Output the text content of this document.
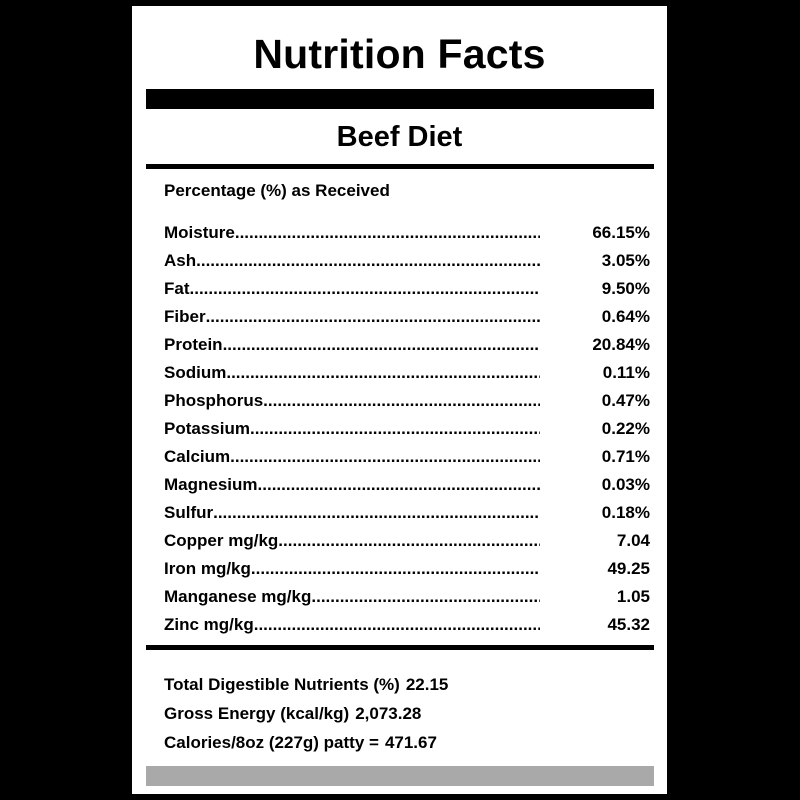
Nutrition Facts
Beef Diet
Percentage (%) as Received
Moisture .....	66.15%
Ash .....	3.05%
Fat .....	9.50%
Fiber .....	0.64%
Protein .....	20.84%
Sodium .....	0.11%
Phosphorus .....	0.47%
Potassium .....	0.22%
Calcium .....	0.71%
Magnesium .....	0.03%
Sulfur .....	0.18%
Copper mg/kg .....	7.04
Iron mg/kg .....	49.25
Manganese mg/kg .....	1.05
Zinc mg/kg .....	45.32
Total Digestible Nutrients (%) 22.15
Gross Energy (kcal/kg) 2,073.28
Calories/8oz (227g) patty = 471.67
